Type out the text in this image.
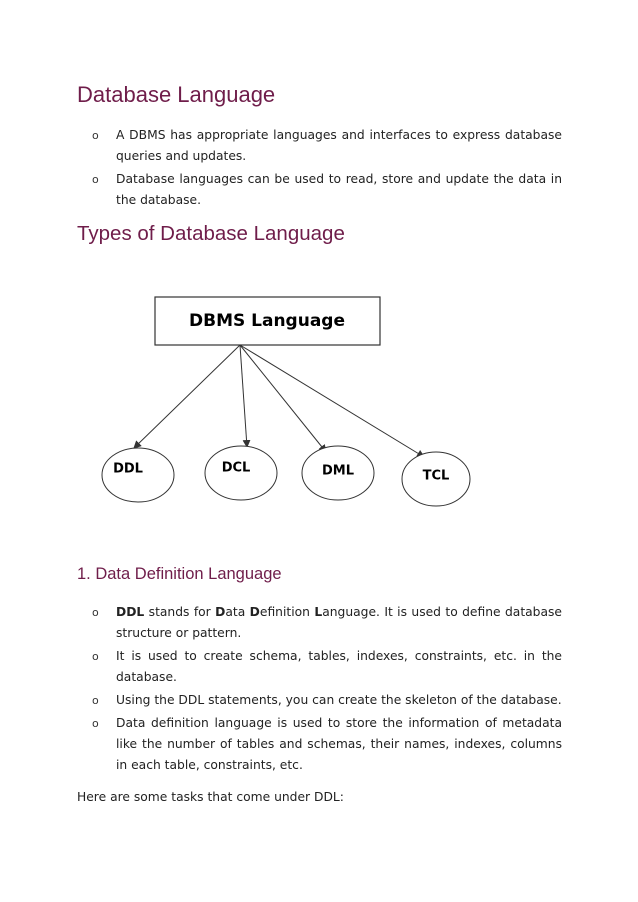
Database Language
o A DBMS has appropriate languages and interfaces to express database queries and updates.
o Database languages can be used to read, store and update the data in the database.
Types of Database Language
DBMS Language
DDL	DCL	DML	TCL
1. Data Definition Language
o DDL stands for Data Definition Language. It is used to define database structure or pattern.
o It is used to create schema, tables, indexes, constraints, etc. in the database.
o Using the DDL statements, you can create the skeleton of the database.
o Data definition language is used to store the information of metadata like the number of tables and schemas, their names, indexes, columns in each table, constraints, etc.

Here are some tasks that come under DDL:
